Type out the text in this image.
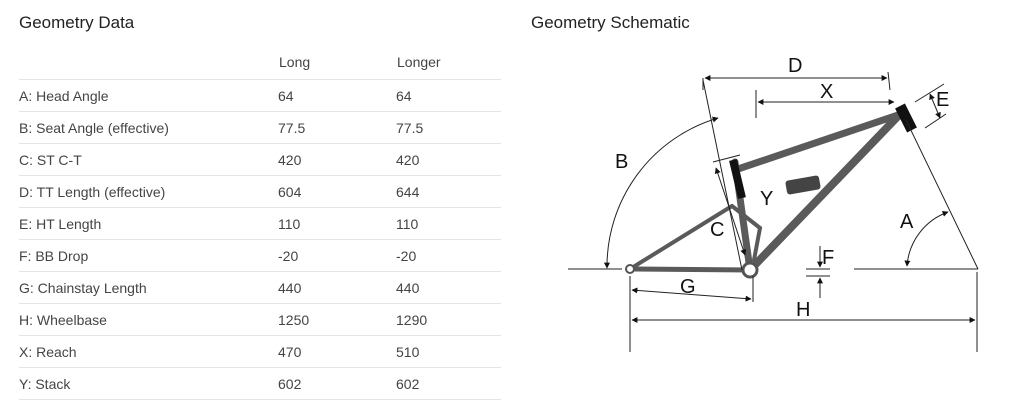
Geometry Data
	Long	Longer
A: Head Angle	64	64
B: Seat Angle (effective)	77.5	77.5
C: ST C-T	420	420
D: TT Length (effective)	604	644
E: HT Length	110	110
F: BB Drop	-20	-20
G: Chainstay Length	440	440
H: Wheelbase	1250	1290
X: Reach	470	510
Y: Stack	602	602
Geometry Schematic
D
X	E
B
Y
C	A
F
G
H
